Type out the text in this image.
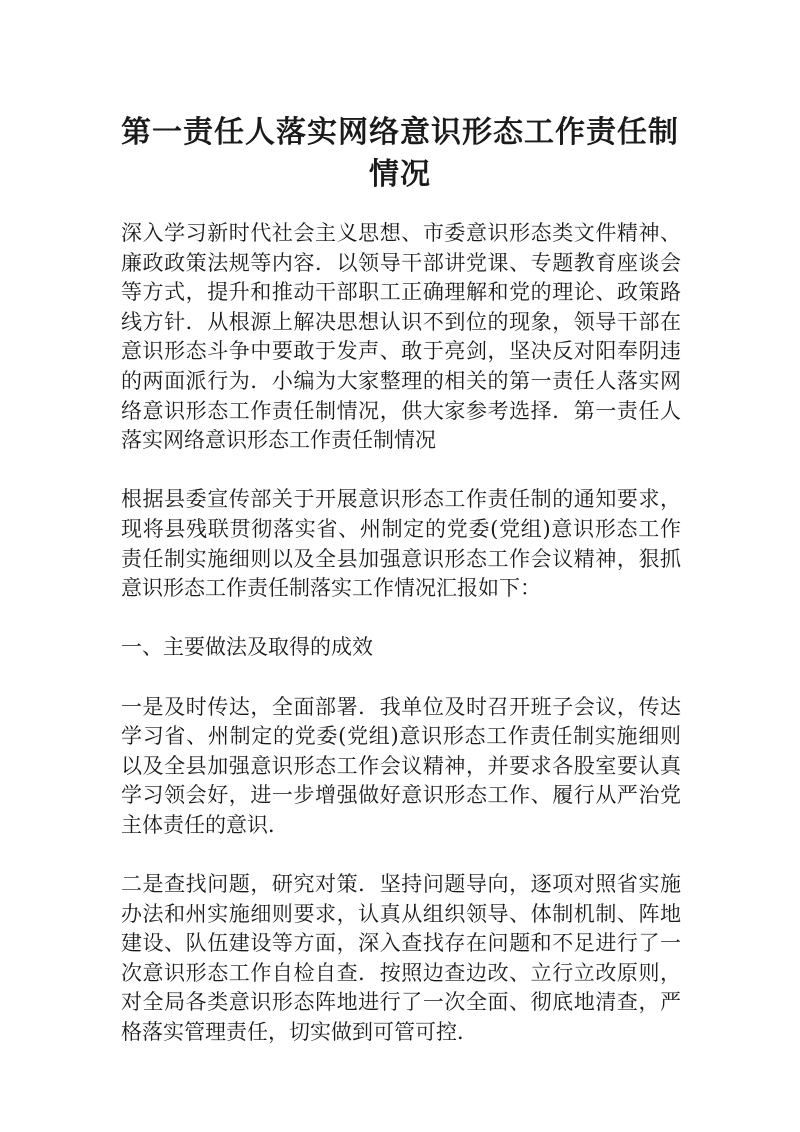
第一责任人落实网络意识形态工作责任制情况

深入学习新时代社会主义思想、市委意识形态类文件精神、廉政政策法规等内容．以领导干部讲党课、专题教育座谈会等方式，提升和推动干部职工正确理解和党的理论、政策路线方针．从根源上解决思想认识不到位的现象，领导干部在意识形态斗争中要敢于发声、敢于亮剑，坚决反对阳奉阴违的两面派行为．小编为大家整理的相关的第一责任人落实网络意识形态工作责任制情况，供大家参考选择．第一责任人落实网络意识形态工作责任制情况

根据县委宣传部关于开展意识形态工作责任制的通知要求，现将县残联贯彻落实省、州制定的党委(党组)意识形态工作责任制实施细则以及全县加强意识形态工作会议精神，狠抓意识形态工作责任制落实工作情况汇报如下：

一、主要做法及取得的成效

一是及时传达，全面部署．我单位及时召开班子会议，传达学习省、州制定的党委(党组)意识形态工作责任制实施细则以及全县加强意识形态工作会议精神，并要求各股室要认真学习领会好，进一步增强做好意识形态工作、履行从严治党主体责任的意识．

二是查找问题，研究对策．坚持问题导向，逐项对照省实施办法和州实施细则要求，认真从组织领导、体制机制、阵地建设、队伍建设等方面，深入查找存在问题和不足进行了一次意识形态工作自检自查．按照边查边改、立行立改原则，对全局各类意识形态阵地进行了一次全面、彻底地清查，严格落实管理责任，切实做到可管可控．
